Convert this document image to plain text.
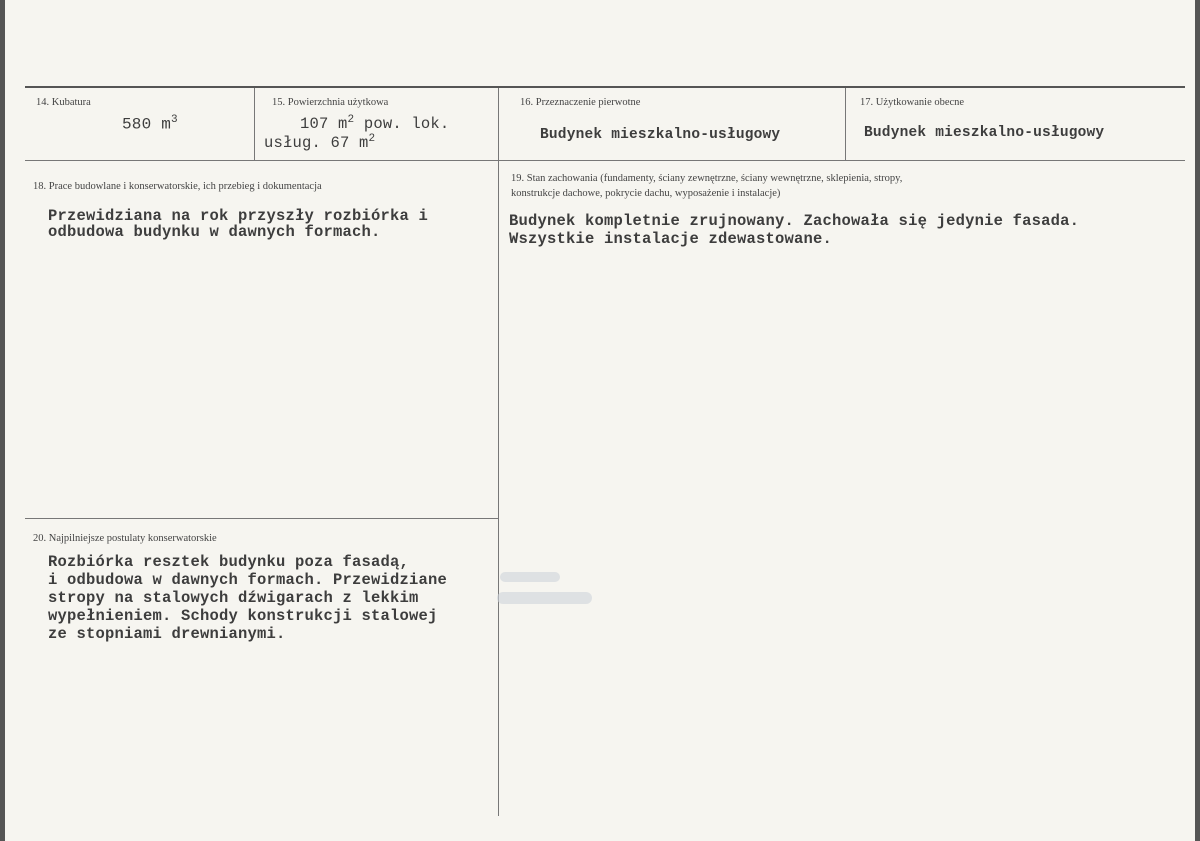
14. Kubatura
580 $m^3$
15. Powierzchnia użytkowa
107 $m^2$ pow. lok.
usług. 67 $m^2$
16. Przeznaczenie pierwotne
Budynek mieszkalno-usługowy
17. Użytkowanie obecne
Budynek mieszkalno-usługowy
18. Prace budowlane i konserwatorskie, ich przebieg i dokumentacja
Przewidziana na rok przyszły rozbiórka i
odbudowa budynku w dawnych formach.
19. Stan zachowania (fundamenty, ściany zewnętrzne, ściany wewnętrzne, sklepienia, stropy,
konstrukcje dachowe, pokrycie dachu, wyposażenie i instalacje)
Budynek kompletnie zrujnowany. Zachowała się jedynie fasada.
Wszystkie instalacje zdewastowane.
20. Najpilniejsze postulaty konserwatorskie
Rozbiórka resztek budynku poza fasadą,
i odbudowa w dawnych formach. Przewidziane
stropy na stalowych dźwigarach z lekkim
wypełnieniem. Schody konstrukcji stalowej
ze stopniami drewnianymi.
